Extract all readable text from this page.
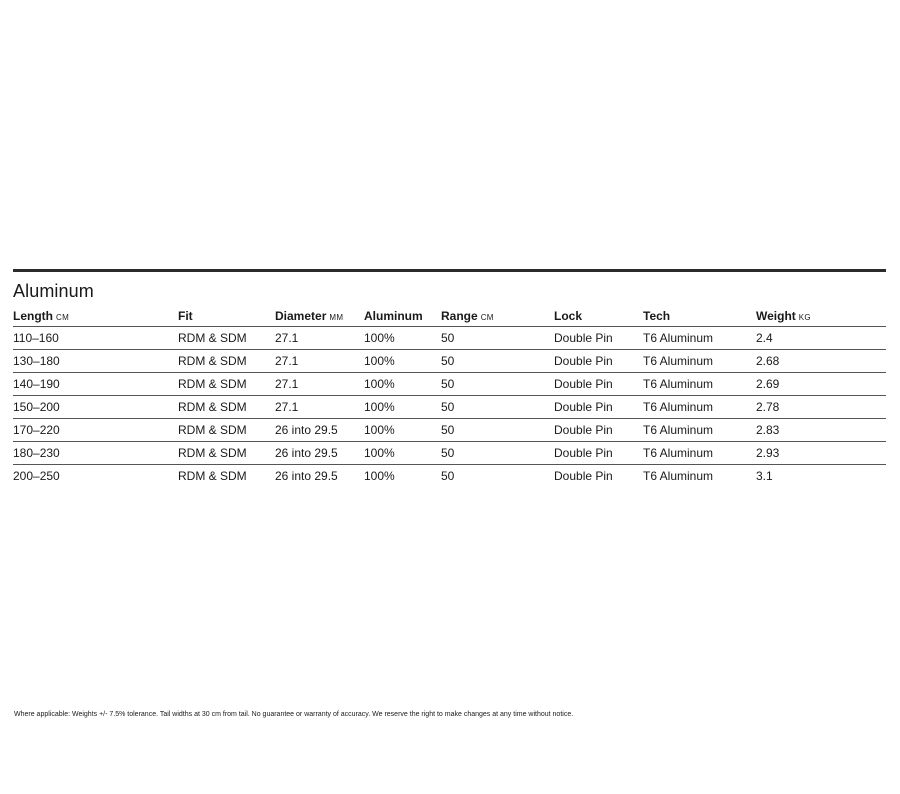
Aluminum
Length CM	Fit	Diameter MM	Aluminum	Range CM	Lock	Tech	Weight KG
110–160	RDM & SDM	27.1	100%	50	Double Pin	T6 Aluminum	2.4
130–180	RDM & SDM	27.1	100%	50	Double Pin	T6 Aluminum	2.68
140–190	RDM & SDM	27.1	100%	50	Double Pin	T6 Aluminum	2.69
150–200	RDM & SDM	27.1	100%	50	Double Pin	T6 Aluminum	2.78
170–220	RDM & SDM	26 into 29.5	100%	50	Double Pin	T6 Aluminum	2.83
180–230	RDM & SDM	26 into 29.5	100%	50	Double Pin	T6 Aluminum	2.93
200–250	RDM & SDM	26 into 29.5	100%	50	Double Pin	T6 Aluminum	3.1
Where applicable: Weights +/- 7.5% tolerance. Tail widths at 30 cm from tail. No guarantee or warranty of accuracy. We reserve the right to make changes at any time without notice.
